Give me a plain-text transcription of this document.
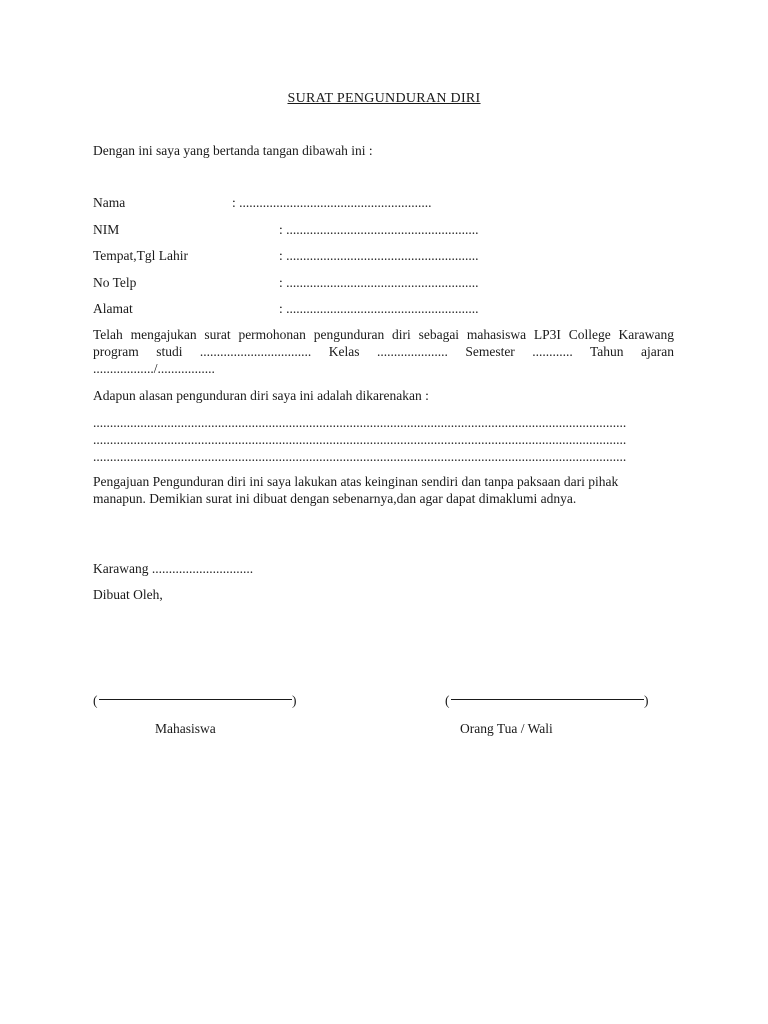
SURAT PENGUNDURAN DIRI
Dengan ini saya yang bertanda tangan dibawah ini :
Nama	: .........................................................
NIM	: .........................................................
Tempat,Tgl Lahir	: .........................................................
No Telp	: .........................................................
Alamat	: .........................................................
Telah mengajukan surat permohonan pengunduran diri sebagai mahasiswa LP3I College Karawang program studi ................................. Kelas ..................... Semester ............ Tahun ajaran ................../.................
Adapun alasan pengunduran diri saya ini adalah dikarenakan :
..............................................................................................................................................................
..............................................................................................................................................................
..............................................................................................................................................................
Pengajuan Pengunduran diri ini saya lakukan atas keinginan sendiri dan tanpa paksaan dari pihak manapun. Demikian surat ini dibuat dengan sebenarnya,dan agar dapat dimaklumi adnya.
Karawang ..............................
Dibuat Oleh,
(	)	(	)
Mahasiswa	Orang Tua / Wali
